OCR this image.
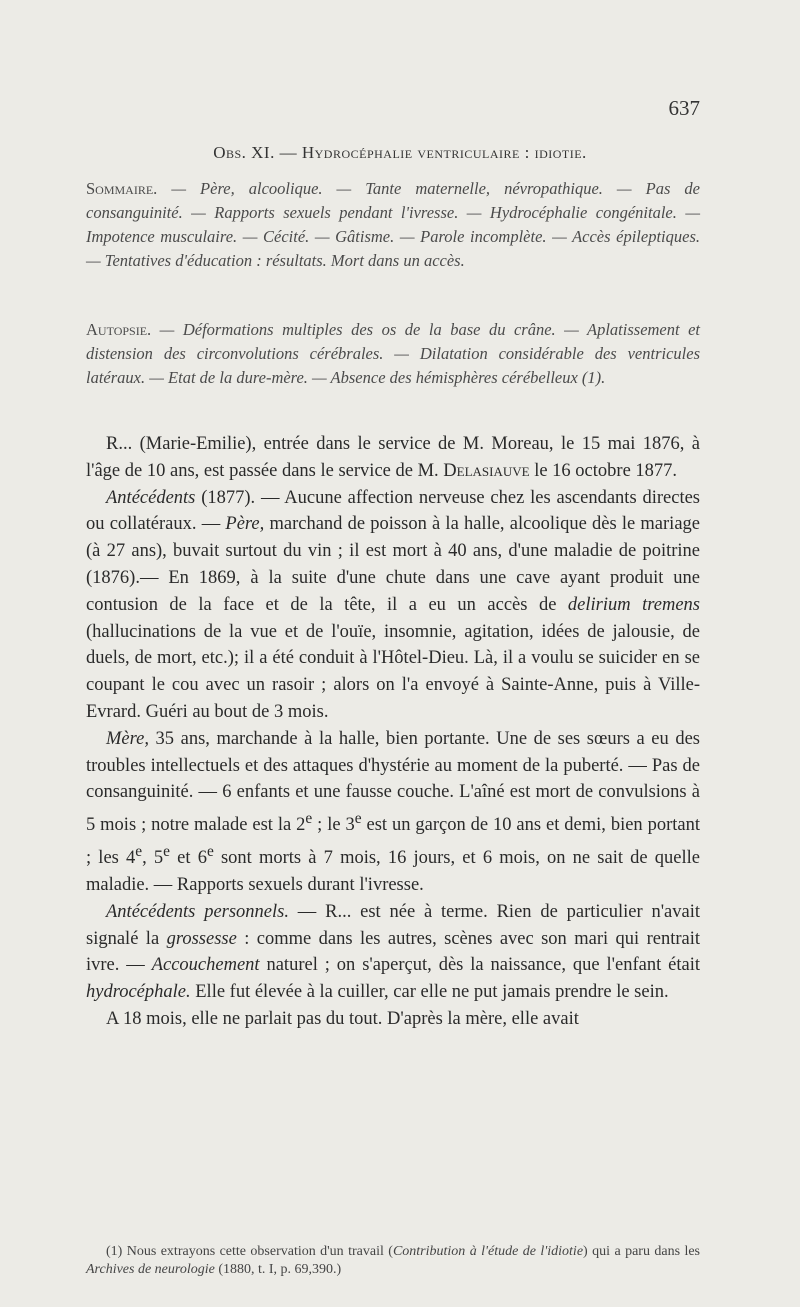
637
Obs. XI. — Hydrocéphalie ventriculaire : idiotie.
Sommaire. — Père, alcoolique. — Tante maternelle, névropathique. — Pas de consanguinité. — Rapports sexuels pendant l'ivresse. — Hydrocéphalie congénitale. — Impotence musculaire. — Cécité. — Gâtisme. — Parole incomplète. — Accès épileptiques. — Tentatives d'éducation : résultats. Mort dans un accès.
Autopsie. — Déformations multiples des os de la base du crâne. — Aplatissement et distension des circonvolutions cérébrales. — Dilatation considérable des ventricules latéraux. — Etat de la dure-mère. — Absence des hémisphères cérébelleux (1).

R... (Marie-Emilie), entrée dans le service de M. Moreau, le 15 mai 1876, à l'âge de 10 ans, est passée dans le service de M. Delasiauve le 16 octobre 1877.

Antécédents (1877). — Aucune affection nerveuse chez les ascendants directes ou collatéraux. — Père, marchand de poisson à la halle, alcoolique dès le mariage (à 27 ans), buvait surtout du vin ; il est mort à 40 ans, d'une maladie de poitrine (1876).— En 1869, à la suite d'une chute dans une cave ayant produit une contusion de la face et de la tête, il a eu un accès de delirium tremens (hallucinations de la vue et de l'ouïe, insomnie, agitation, idées de jalousie, de duels, de mort, etc.); il a été conduit à l'Hôtel-Dieu. Là, il a voulu se suicider en se coupant le cou avec un rasoir ; alors on l'a envoyé à Sainte-Anne, puis à Ville-Evrard. Guéri au bout de 3 mois.

Mère, 35 ans, marchande à la halle, bien portante. Une de ses sœurs a eu des troubles intellectuels et des attaques d'hystérie au moment de la puberté. — Pas de consanguinité. — 6 enfants et une fausse couche. L'aîné est mort de convulsions à 5 mois ; notre malade est la 2e ; le 3e est un garçon de 10 ans et demi, bien portant ; les 4e, 5e et 6e sont morts à 7 mois, 16 jours, et 6 mois, on ne sait de quelle maladie. — Rapports sexuels durant l'ivresse.

Antécédents personnels. — R... est née à terme. Rien de particulier n'avait signalé la grossesse : comme dans les autres, scènes avec son mari qui rentrait ivre. — Accouchement naturel ; on s'aperçut, dès la naissance, que l'enfant était hydrocéphale. Elle fut élevée à la cuiller, car elle ne put jamais prendre le sein.

A 18 mois, elle ne parlait pas du tout. D'après la mère, elle avait

(1) Nous extrayons cette observation d'un travail (Contribution à l'étude de l'idiotie) qui a paru dans les Archives de neurologie (1880, t. I, p. 69,390.)
